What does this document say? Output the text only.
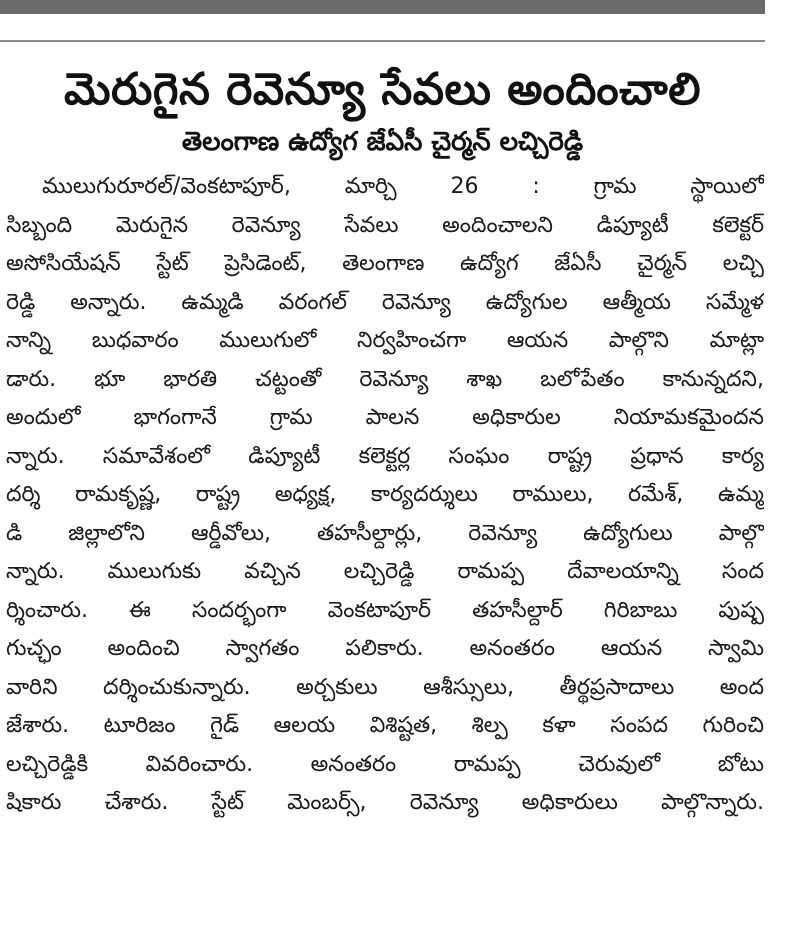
మెరుగైన రెవెన్యూ సేవలు అందించాలి
తెలంగాణ ఉద్యోగ జేఏసీ చైర్మన్ లచ్చిరెడ్డి
ములుగురూరల్/వెంకటాపూర్, మార్చి 26 : గ్రామ స్థాయిలో
సిబ్బంది మెరుగైన రెవెన్యూ సేవలు అందించాలని డిప్యూటీ కలెక్టర్
అసోసియేషన్ స్టేట్ ప్రెసిడెంట్, తెలంగాణ ఉద్యోగ జేఏసీ చైర్మన్ లచ్చి
రెడ్డి అన్నారు. ఉమ్మడి వరంగల్ రెవెన్యూ ఉద్యోగుల ఆత్మీయ సమ్మేళ
నాన్ని బుధవారం ములుగులో నిర్వహించగా ఆయన పాల్గొని మాట్లా
డారు. భూ భారతి చట్టంతో రెవెన్యూ శాఖ బలోపేతం కానున్నదని,
అందులో భాగంగానే గ్రామ పాలన అధికారుల నియామకమైందన
న్నారు. సమావేశంలో డిప్యూటీ కలెక్టర్ల సంఘం రాష్ట్ర ప్రధాన కార్య
దర్శి రామకృష్ణ, రాష్ట్ర అధ్యక్ష, కార్యదర్శులు రాములు, రమేశ్, ఉమ్మ
డి జిల్లాలోని ఆర్డీవోలు, తహసీల్దార్లు, రెవెన్యూ ఉద్యోగులు పాల్గొ
న్నారు. ములుగుకు వచ్చిన లచ్చిరెడ్డి రామప్ప దేవాలయాన్ని సంద
ర్శించారు. ఈ సందర్భంగా వెంకటాపూర్ తహసీల్దార్ గిరిబాబు పుష్ప
గుచ్ఛం అందించి స్వాగతం పలికారు. అనంతరం ఆయన స్వామి
వారిని దర్శించుకున్నారు. అర్చకులు ఆశీస్సులు, తీర్థప్రసాదాలు అంద
జేశారు. టూరిజం గైడ్ ఆలయ విశిష్టత, శిల్ప కళా సంపద గురించి
లచ్చిరెడ్డికి వివరించారు. అనంతరం రామప్ప చెరువులో బోటు
షికారు చేశారు. స్టేట్ మెంబర్స్, రెవెన్యూ అధికారులు పాల్గొన్నారు.
